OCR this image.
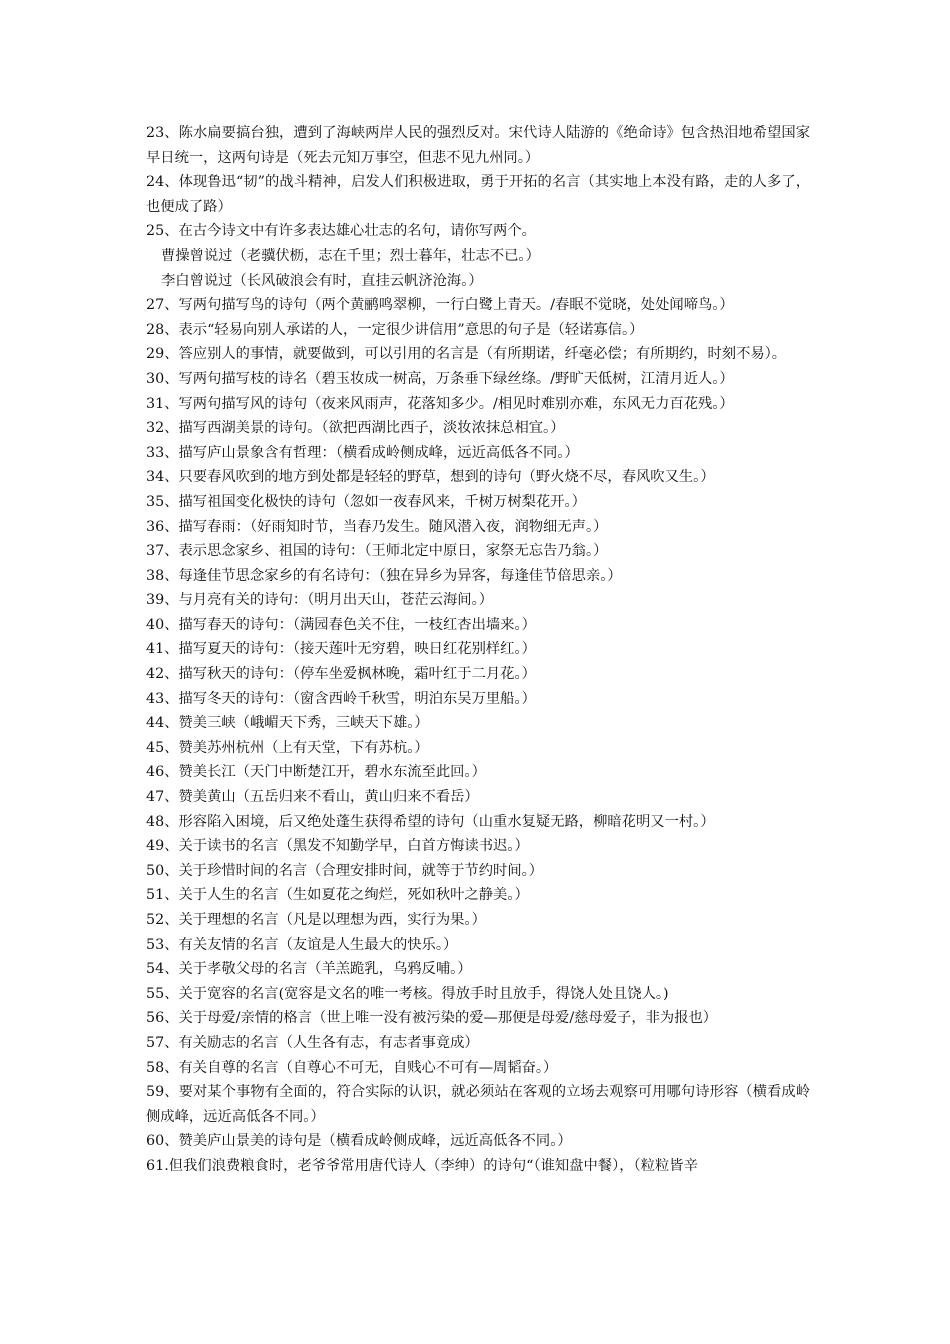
23、陈水扁要搞台独，遭到了海峡两岸人民的强烈反对。宋代诗人陆游的《绝命诗》包含热泪地希望国家早日统一，这两句诗是（死去元知万事空，但悲不见九州同。）

24、体现鲁迅“韧”的战斗精神，启发人们积极进取，勇于开拓的名言（其实地上本没有路，走的人多了，也便成了路）

25、在古今诗文中有许多表达雄心壮志的名句，请你写两个。

曹操曾说过（老骥伏枥，志在千里；烈士暮年，壮志不已。）

李白曾说过（长风破浪会有时，直挂云帆济沧海。）

27、写两句描写鸟的诗句（两个黄鹂鸣翠柳，一行白鹭上青天。/春眠不觉晓，处处闻啼鸟。）

28、表示“轻易向别人承诺的人，一定很少讲信用”意思的句子是（轻诺寡信。）

29、答应别人的事情，就要做到，可以引用的名言是（有所期诺，纤毫必偿；有所期约，时刻不易）。

30、写两句描写枝的诗名（碧玉妆成一树高，万条垂下绿丝绦。/野旷天低树，江清月近人。）

31、写两句描写风的诗句（夜来风雨声，花落知多少。/相见时难别亦难，东风无力百花残。）

32、描写西湖美景的诗句。（欲把西湖比西子，淡妆浓抹总相宜。）

33、描写庐山景象含有哲理：（横看成岭侧成峰，远近高低各不同。）

34、只要春风吹到的地方到处都是轻轻的野草，想到的诗句（野火烧不尽，春风吹又生。）

35、描写祖国变化极快的诗句（忽如一夜春风来，千树万树梨花开。）

36、描写春雨：（好雨知时节，当春乃发生。随风潜入夜，润物细无声。）

37、表示思念家乡、祖国的诗句：（王师北定中原日，家祭无忘告乃翁。）

38、每逢佳节思念家乡的有名诗句：（独在异乡为异客，每逢佳节倍思亲。）

39、与月亮有关的诗句：（明月出天山，苍茫云海间。）

40、描写春天的诗句：（满园春色关不住，一枝红杏出墙来。）

41、描写夏天的诗句：（接天莲叶无穷碧，映日红花别样红。）

42、描写秋天的诗句：（停车坐爱枫林晚，霜叶红于二月花。）

43、描写冬天的诗句：（窗含西岭千秋雪，明泊东吴万里船。）

44、赞美三峡（峨嵋天下秀，三峡天下雄。）

45、赞美苏州杭州（上有天堂，下有苏杭。）

46、赞美长江（天门中断楚江开，碧水东流至此回。）

47、赞美黄山（五岳归来不看山，黄山归来不看岳）

48、形容陷入困境，后又绝处蓬生获得希望的诗句（山重水复疑无路，柳暗花明又一村。）

49、关于读书的名言（黑发不知勤学早，白首方悔读书迟。）

50、关于珍惜时间的名言（合理安排时间，就等于节约时间。）

51、关于人生的名言（生如夏花之绚烂，死如秋叶之静美。）

52、关于理想的名言（凡是以理想为西，实行为果。）

53、有关友情的名言（友谊是人生最大的快乐。）

54、关于孝敬父母的名言（羊羔跪乳，乌鸦反哺。）

55、关于宽容的名言(宽容是文名的唯一考核。得放手时且放手，得饶人处且饶人。)

56、关于母爱/亲情的格言（世上唯一没有被污染的爱—那便是母爱/慈母爱子，非为报也）

57、有关励志的名言（人生各有志，有志者事竟成）

58、有关自尊的名言（自尊心不可无，自贱心不可有—周韬奋。）

59、要对某个事物有全面的，符合实际的认识，就必须站在客观的立场去观察可用哪句诗形容（横看成岭侧成峰，远近高低各不同。）

60、赞美庐山景美的诗句是（横看成岭侧成峰，远近高低各不同。）

61.但我们浪费粮食时，老爷爷常用唐代诗人（李绅）的诗句“（谁知盘中餐），（粒粒皆辛
